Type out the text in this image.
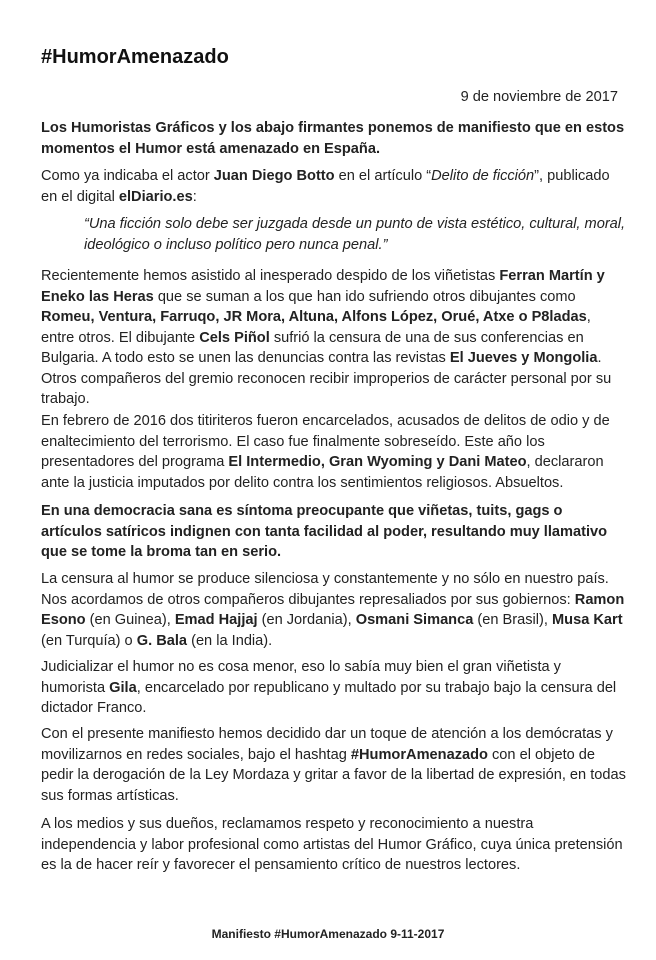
#HumorAmenazado

9 de noviembre de 2017

Los Humoristas Gráficos y los abajo firmantes ponemos de manifiesto que en estos momentos el Humor está amenazado en España.

Como ya indicaba el actor Juan Diego Botto en el artículo “Delito de ficción”, publicado en el digital elDiario.es:

“Una ficción solo debe ser juzgada desde un punto de vista estético, cultural, moral, ideológico o incluso político pero nunca penal.”

Recientemente hemos asistido al inesperado despido de los viñetistas Ferran Martín y Eneko las Heras que se suman a los que han ido sufriendo otros dibujantes como Romeu, Ventura, Farruqo, JR Mora, Altuna, Alfons López, Orué, Atxe o P8ladas, entre otros. El dibujante Cels Piñol sufrió la censura de una de sus conferencias en Bulgaria. A todo esto se unen las denuncias contra las revistas El Jueves y Mongolia. Otros compañeros del gremio reconocen recibir improperios de carácter personal por su trabajo.

En febrero de 2016 dos titiriteros fueron encarcelados, acusados de delitos de odio y de enaltecimiento del terrorismo. El caso fue finalmente sobreseído. Este año los presentadores del programa El Intermedio, Gran Wyoming y Dani Mateo, declararon ante la justicia imputados por delito contra los sentimientos religiosos. Absueltos.

En una democracia sana es síntoma preocupante que viñetas, tuits, gags o artículos satíricos indignen con tanta facilidad al poder, resultando muy llamativo que se tome la broma tan en serio.

La censura al humor se produce silenciosa y constantemente y no sólo en nuestro país. Nos acordamos de otros compañeros dibujantes represaliados por sus gobiernos: Ramon Esono (en Guinea), Emad Hajjaj (en Jordania), Osmani Simanca (en Brasil), Musa Kart (en Turquía) o G. Bala (en la India).

Judicializar el humor no es cosa menor, eso lo sabía muy bien el gran viñetista y humorista Gila, encarcelado por republicano y multado por su trabajo bajo la censura del dictador Franco.

Con el presente manifiesto hemos decidido dar un toque de atención a los demócratas y movilizarnos en redes sociales, bajo el hashtag #HumorAmenazado con el objeto de pedir la derogación de la Ley Mordaza y gritar a favor de la libertad de expresión, en todas sus formas artísticas.

A los medios y sus dueños, reclamamos respeto y reconocimiento a nuestra independencia y labor profesional como artistas del Humor Gráfico, cuya única pretensión es la de hacer reír y favorecer el pensamiento crítico de nuestros lectores.

Manifiesto #HumorAmenazado 9-11-2017
